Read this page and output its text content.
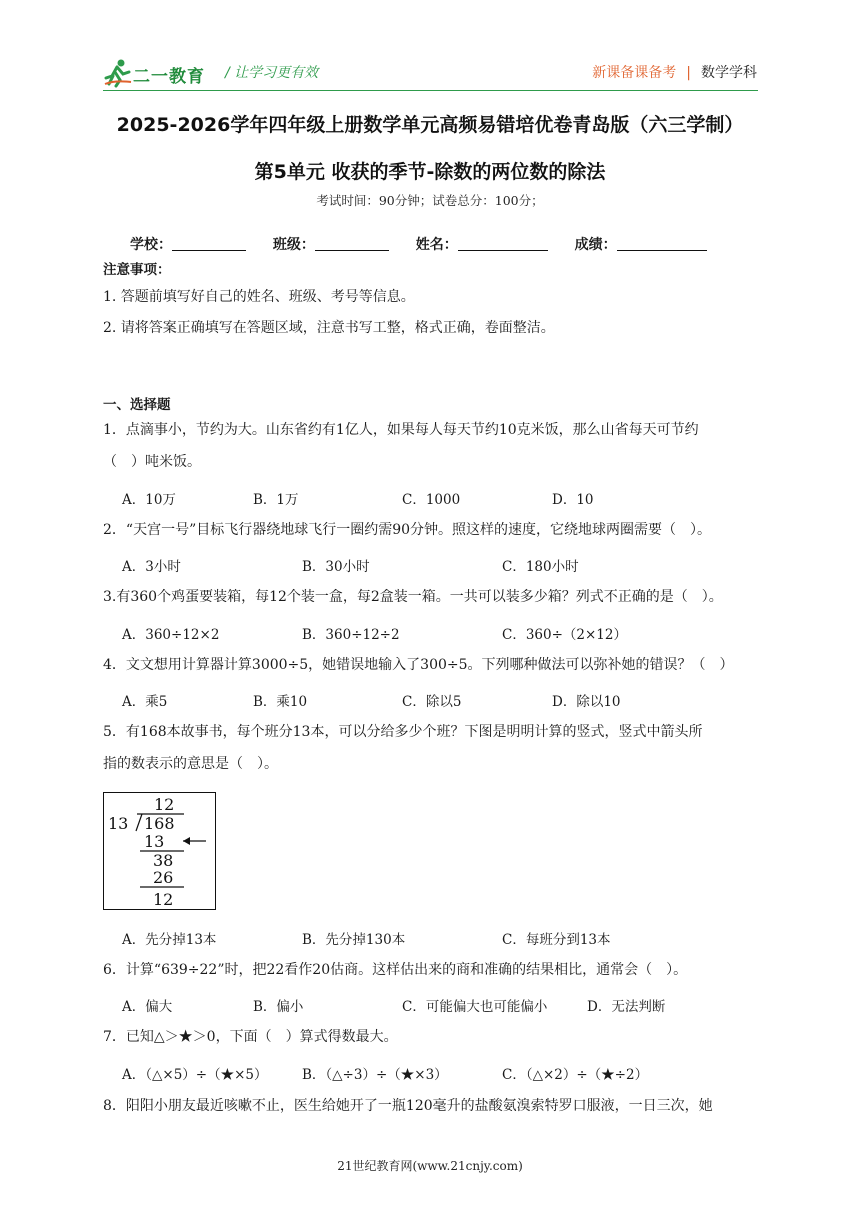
二一教育 / 让学习更有效	新课备课备考 | 数学学科
2025-2026学年四年级上册数学单元高频易错培优卷青岛版（六三学制）
第5单元 收获的季节-除数的两位数的除法
考试时间：90分钟；试卷总分：100分；
学校：	班级：	姓名：	成绩：
注意事项：
1. 答题前填写好自己的姓名、班级、考号等信息。
2. 请将答案正确填写在答题区域，注意书写工整，格式正确，卷面整洁。
一、选择题
1．点滴事小，节约为大。山东省约有1亿人，如果每人每天节约10克米饭，那么山省每天可节约
（　）吨米饭。
A．10万	B．1万	C．1000	D．10
2．“天宫一号”目标飞行器绕地球飞行一圈约需90分钟。照这样的速度，它绕地球两圈需要（　）。
A．3小时	B．30小时	C．180小时
3.有360个鸡蛋要装箱，每12个装一盒，每2盒装一箱。一共可以装多少箱？列式不正确的是（　）。
A．360÷12×2	B．360÷12÷2	C．360÷（2×12）
4．文文想用计算器计算3000÷5，她错误地输入了300÷5。下列哪种做法可以弥补她的错误？（　）
A．乘5	B．乘10	C．除以5	D．除以10
5．有168本故事书，每个班分13本，可以分给多少个班？下图是明明计算的竖式，竖式中箭头所
指的数表示的意思是（　）。
12
13 168
13
38
26
12
A．先分掉13本	B．先分掉130本	C．每班分到13本
6．计算“639÷22”时，把22看作20估商。这样估出来的商和准确的结果相比，通常会（　）。
A．偏大	B．偏小	C．可能偏大也可能偏小	D．无法判断
7．已知△＞★＞0，下面（　）算式得数最大。
A．（△×5）÷（★×5）	B．（△÷3）÷（★×3）	C．（△×2）÷（★÷2）
8．阳阳小朋友最近咳嗽不止，医生给她开了一瓶120毫升的盐酸氨溴索特罗口服液，一日三次，她
21世纪教育网(www.21cnjy.com)
